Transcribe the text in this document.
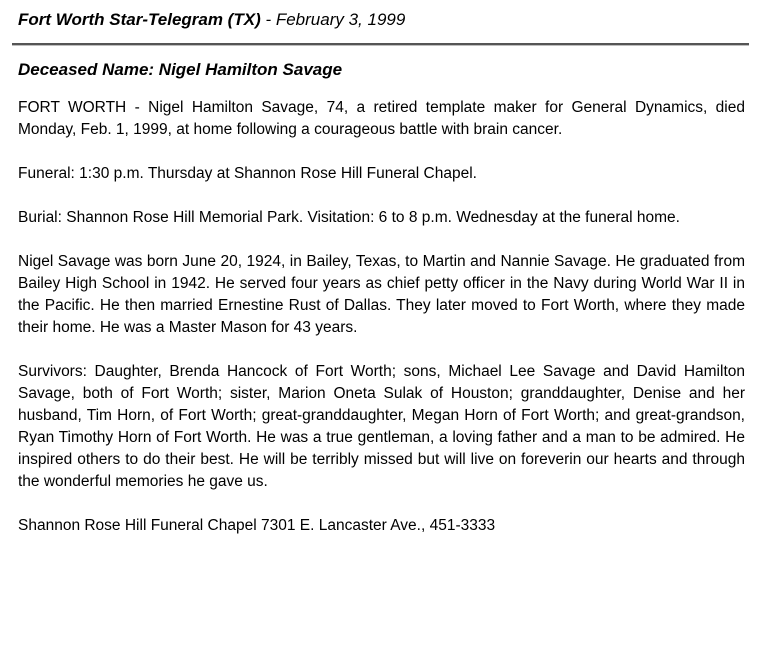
Fort Worth Star-Telegram (TX) - February 3, 1999
Deceased Name: Nigel Hamilton Savage

FORT WORTH - Nigel Hamilton Savage, 74, a retired template maker for General Dynamics, died Monday, Feb. 1, 1999, at home following a courageous battle with brain cancer.

Funeral: 1:30 p.m. Thursday at Shannon Rose Hill Funeral Chapel.

Burial: Shannon Rose Hill Memorial Park. Visitation: 6 to 8 p.m. Wednesday at the funeral home.

Nigel Savage was born June 20, 1924, in Bailey, Texas, to Martin and Nannie Savage. He graduated from Bailey High School in 1942. He served four years as chief petty officer in the Navy during World War II in the Pacific. He then married Ernestine Rust of Dallas. They later moved to Fort Worth, where they made their home. He was a Master Mason for 43 years.

Survivors: Daughter, Brenda Hancock of Fort Worth; sons, Michael Lee Savage and David Hamilton Savage, both of Fort Worth; sister, Marion Oneta Sulak of Houston; granddaughter, Denise and her husband, Tim Horn, of Fort Worth; great-granddaughter, Megan Horn of Fort Worth; and great-grandson, Ryan Timothy Horn of Fort Worth. He was a true gentleman, a loving father and a man to be admired. He inspired others to do their best. He will be terribly missed but will live on foreverin our hearts and through the wonderful memories he gave us.

Shannon Rose Hill Funeral Chapel 7301 E. Lancaster Ave., 451-3333
